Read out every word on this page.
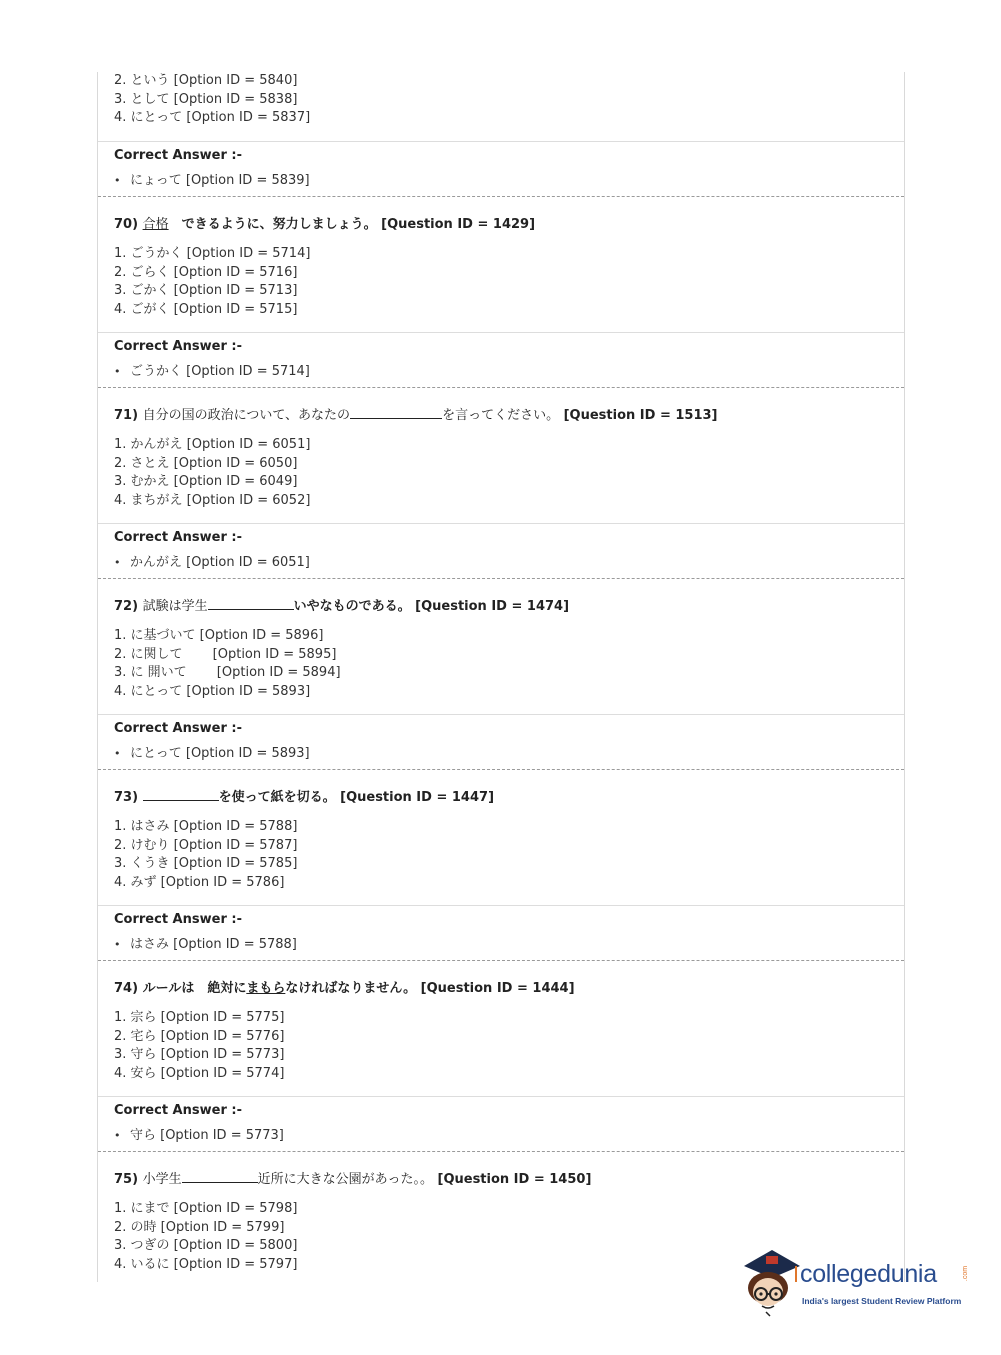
2. という [Option ID = 5840]
3. として [Option ID = 5838]
4. にとって [Option ID = 5837]
Correct Answer :-
• にょって [Option ID = 5839]
70) 合格　できるように、努力しましょう。 [Question ID = 1429]
1. ごうかく [Option ID = 5714]
2. ごらく [Option ID = 5716]
3. ごかく [Option ID = 5713]
4. ごがく [Option ID = 5715]
Correct Answer :-
• ごうかく [Option ID = 5714]
71) 自分の国の政治について、あなたの	を言ってください。 [Question ID = 1513]
1. かんがえ [Option ID = 6051]
2. さとえ [Option ID = 6050]
3. むかえ [Option ID = 6049]
4. まちがえ [Option ID = 6052]
Correct Answer :-
• かんがえ [Option ID = 6051]
72) 試験は学生	いやなものである。 [Question ID = 1474]
1. に基づいて [Option ID = 5896]
2. に関して　　 [Option ID = 5895]
3. に 開いて　　 [Option ID = 5894]
4. にとって [Option ID = 5893]
Correct Answer :-
• にとって [Option ID = 5893]
73)	を使って紙を切る。 [Question ID = 1447]
1. はさみ [Option ID = 5788]
2. けむり [Option ID = 5787]
3. くうき [Option ID = 5785]
4. みず [Option ID = 5786]
Correct Answer :-
• はさみ [Option ID = 5788]
74) ルールは　絶対にまもらなければなりません。 [Question ID = 1444]
1. 宗ら [Option ID = 5775]
2. 宅ら [Option ID = 5776]
3. 守ら [Option ID = 5773]
4. 安ら [Option ID = 5774]
Correct Answer :-
• 守ら [Option ID = 5773]
75) 小学生	近所に大きな公園があった。。 [Question ID = 1450]
1. にまで [Option ID = 5798]
2. の時 [Option ID = 5799]
3. つぎの [Option ID = 5800]
4. いるに [Option ID = 5797]	collegedunia	.com
India's largest Student Review Platform
